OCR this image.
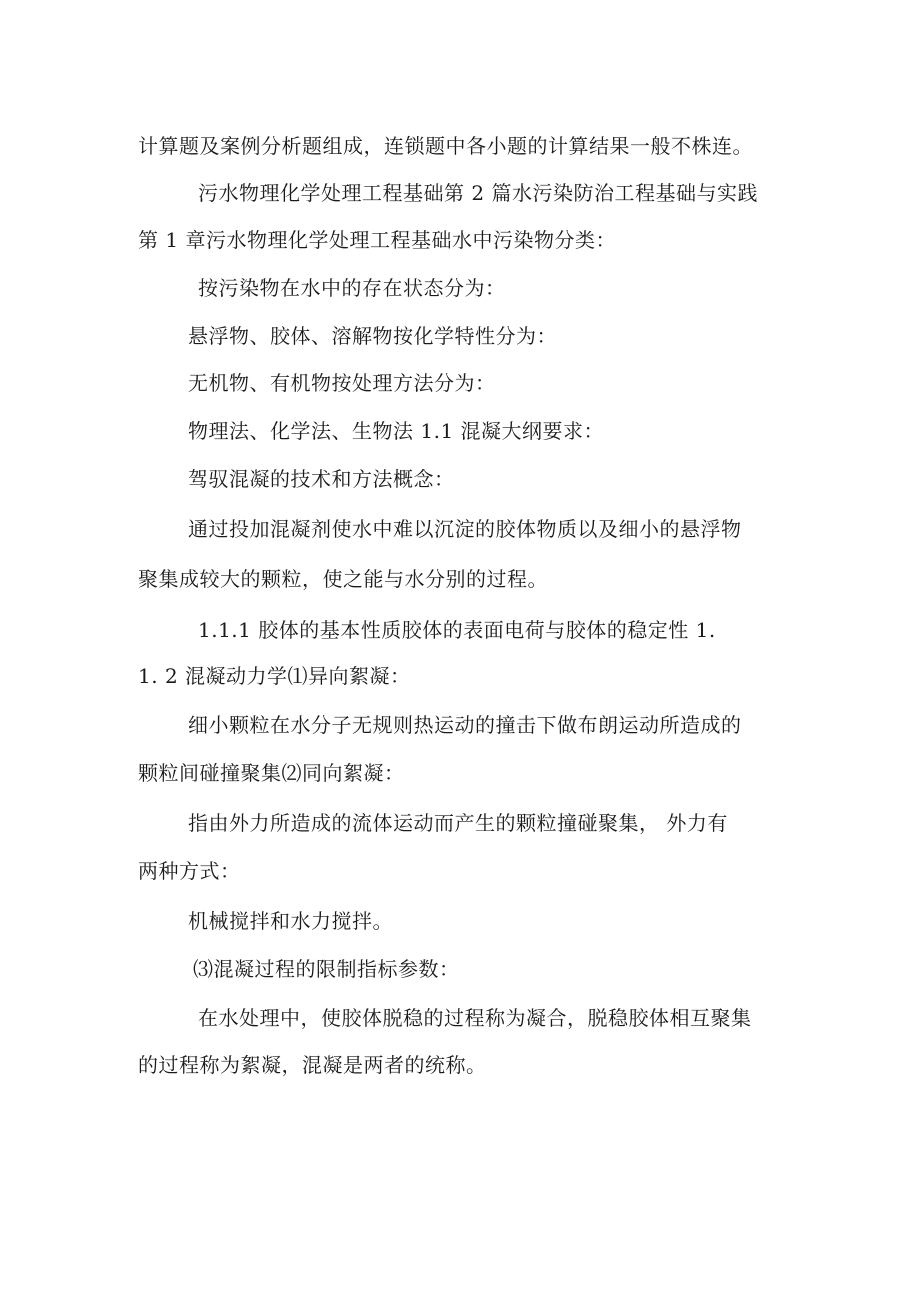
计算题及案例分析题组成，连锁题中各小题的计算结果一般不株连。
污水物理化学处理工程基础第 2 篇水污染防治工程基础与实践
第 1 章污水物理化学处理工程基础水中污染物分类：
按污染物在水中的存在状态分为：
悬浮物、胶体、溶解物按化学特性分为：
无机物、有机物按处理方法分为：
物理法、化学法、生物法 1.1 混凝大纲要求：
驾驭混凝的技术和方法概念：
通过投加混凝剂使水中难以沉淀的胶体物质以及细小的悬浮物
聚集成较大的颗粒，使之能与水分别的过程。
1.1.1 胶体的基本性质胶体的表面电荷与胶体的稳定性 1.
1. 2 混凝动力学⑴异向絮凝：
细小颗粒在水分子无规则热运动的撞击下做布朗运动所造成的
颗粒间碰撞聚集⑵同向絮凝：
指由外力所造成的流体运动而产生的颗粒撞碰聚集， 外力有
两种方式：
机械搅拌和水力搅拌。
⑶混凝过程的限制指标参数：
在水处理中，使胶体脱稳的过程称为凝合，脱稳胶体相互聚集
的过程称为絮凝，混凝是两者的统称。
